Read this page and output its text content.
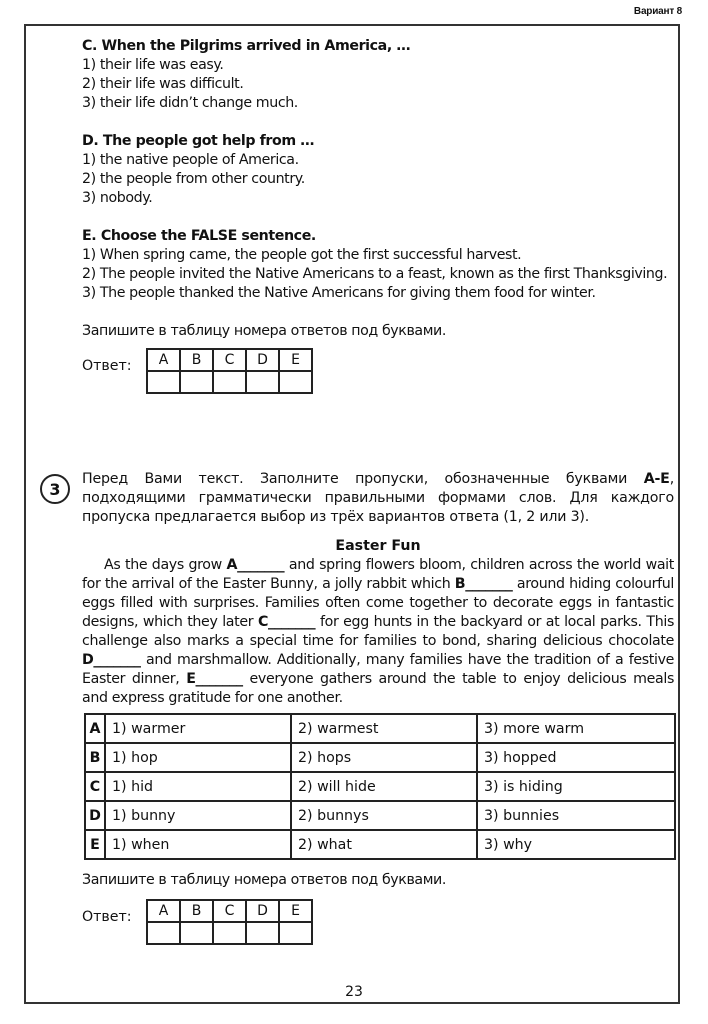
Вариант 8
C. When the Pilgrims arrived in America, …
1) their life was easy.
2) their life was difficult.
3) their life didn’t change much.
D. The people got help from …
1) the native people of America.
2) the people from other country.
3) nobody.
E. Choose the FALSE sentence.
1) When spring came, the people got the first successful harvest.
2) The people invited the Native Americans to a feast, known as the first Thanksgiving.
3) The people thanked the Native Americans for giving them food for winter.
Запишите в таблицу номера ответов под буквами.
Ответ:	A	B	C	D	E

3
Перед Вами текст. Заполните пропуски, обозначенные буквами A-E, подходящими грамматически правильными формами слов. Для каждого пропуска предлагается выбор из трёх вариантов ответа (1, 2 или 3).
Easter Fun
As the days grow A_______ and spring flowers bloom, children across the world wait for the arrival of the Easter Bunny, a jolly rabbit which B_______ around hiding colourful eggs filled with surprises. Families often come together to decorate eggs in fantastic designs, which they later C_______ for egg hunts in the backyard or at local parks. This challenge also marks a special time for families to bond, sharing delicious chocolate D_______ and marshmallow. Additionally, many families have the tradition of a festive Easter dinner, E_______ everyone gathers around the table to enjoy delicious meals and express gratitude for one another.
A	1) warmer	2) warmest	3) more warm
B	1) hop	2) hops	3) hopped
C	1) hid	2) will hide	3) is hiding
D	1) bunny	2) bunnys	3) bunnies
E	1) when	2) what	3) why
Запишите в таблицу номера ответов под буквами.
Ответ:	A	B	C	D	E

23
